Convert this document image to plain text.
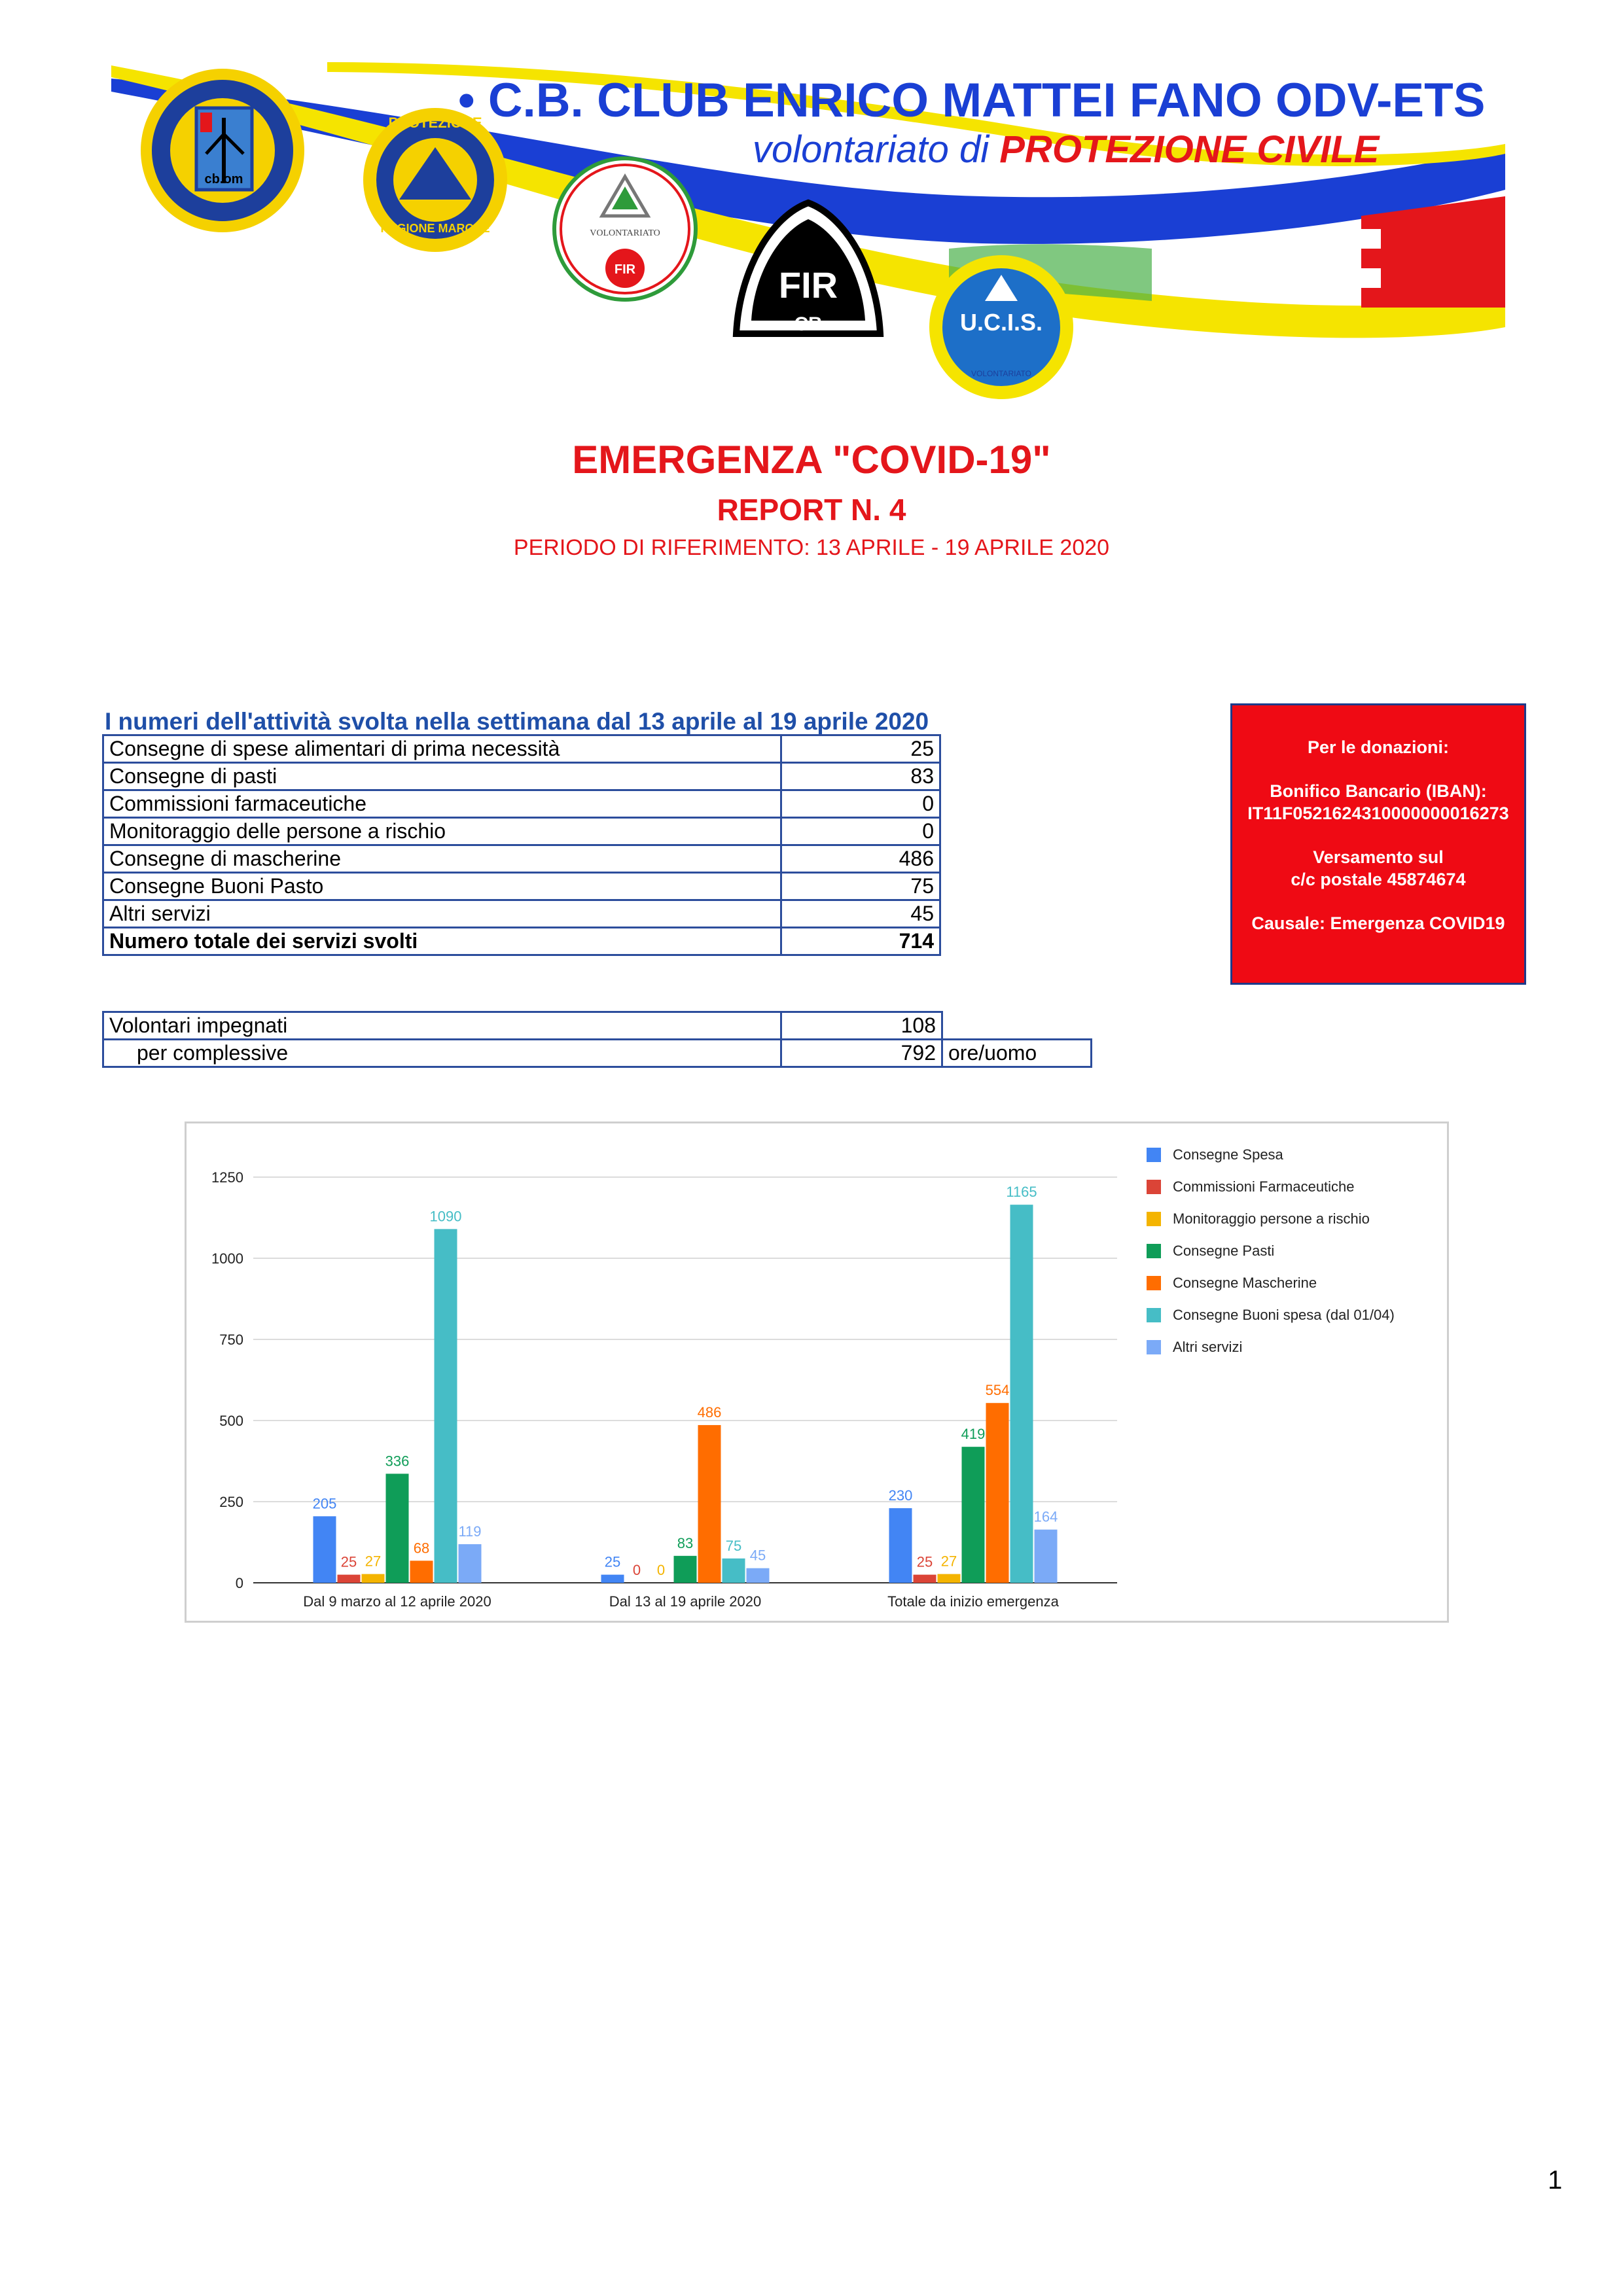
cb.om
PROTEZIONE
REGIONE MARCHE	VOLONTARIATO
FIR	FIR
CB	U.C.I.S.
VOLONTARIATO
• C.B. CLUB ENRICO MATTEI FANO ODV-ETS
volontariato di PROTEZIONE CIVILE
EMERGENZA "COVID-19"
REPORT N. 4
PERIODO DI RIFERIMENTO: 13 APRILE - 19 APRILE 2020
I numeri dell'attività svolta nella settimana dal 13 aprile al 19 aprile 2020
Consegne di spese alimentari di prima necessità	25
Consegne di pasti	83
Commissioni farmaceutiche	0
Monitoraggio delle persone a rischio	0
Consegne di mascherine	486
Consegne Buoni Pasto	75
Altri servizi	45
Numero totale dei servizi svolti	714
Volontari impegnati	108	
per complessive	792	ore/uomo
Per le donazioni:
Bonifico Bancario (IBAN):
IT11F0521624310000000016273
Versamento sul
c/c postale 45874674
Causale: Emergenza COVID19
0
250
500
750
1000
1250
205
25 27
336
68
1090
119
Dal 9 marzo al 12 aprile 2020
25 0 0
83
486
75
45
Dal 13 al 19 aprile 2020
230
25 27
419
554
1165
164
Totale da inizio emergenza
Consegne Spesa
Commissioni Farmaceutiche
Monitoraggio persone a rischio
Consegne Pasti
Consegne Mascherine
Consegne Buoni spesa (dal 01/04)
Altri servizi
1
